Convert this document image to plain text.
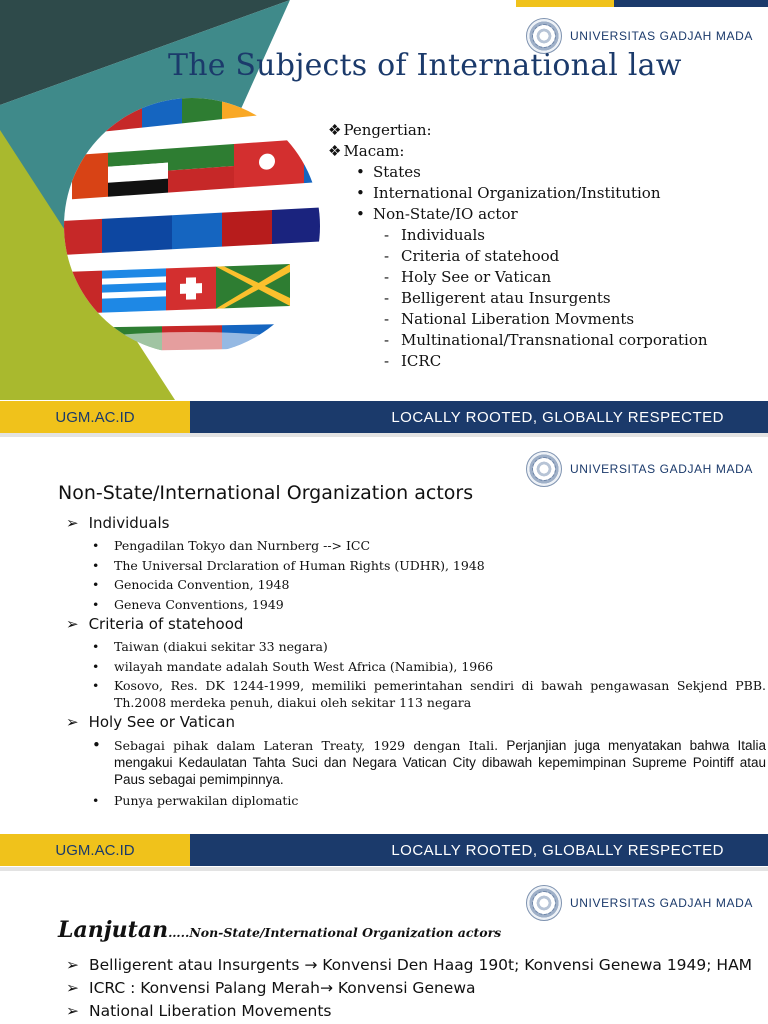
UNIVERSITAS GADJAH MADA
The Subjects of International law
❖ Pengertian:
❖ Macam:
• States
• International Organization/Institution
• Non-State/IO actor
- Individuals
- Criteria of statehood
- Holy See or Vatican
- Belligerent atau Insurgents
- National Liberation Movments
- Multinational/Transnational corporation
- ICRC
UGM.AC.ID	LOCALLY ROOTED, GLOBALLY RESPECTED
UNIVERSITAS GADJAH MADA
UGM.AC.ID	LOCALLY ROOTED, GLOBALLY RESPECTED
Non-State/International Organization actors
➢ Individuals
•	Pengadilan Tokyo dan Nurnberg --> ICC
•	The Universal Drclaration of Human Rights (UDHR), 1948
•	Genocida Convention, 1948
•	Geneva Conventions, 1949
➢ Criteria of statehood
•	Taiwan (diakui sekitar 33 negara)
•	wilayah mandate adalah South West Africa (Namibia), 1966
•	Kosovo, Res. DK 1244-1999, memiliki pemerintahan sendiri di bawah pengawasan Sekjend PBB. Th.2008 merdeka penuh, diakui oleh sekitar 113 negara
➢ Holy See or Vatican
•	Sebagai pihak dalam Lateran Treaty, 1929 dengan Itali. Perjanjian juga menyatakan bahwa Italia mengakui Kedaulatan Tahta Suci dan Negara Vatican City dibawah kepemimpinan Supreme Pointiff atau Paus sebagai pemimpinnya.
•	Punya perwakilan diplomatic
UNIVERSITAS GADJAH MADA
Lanjutan…..Non-State/International Organization actors
➢ Belligerent atau Insurgents → Konvensi Den Haag 190t; Konvensi Genewa 1949; HAM
➢ ICRC : Konvensi Palang Merah→ Konvensi Genewa
➢ National Liberation Movements
